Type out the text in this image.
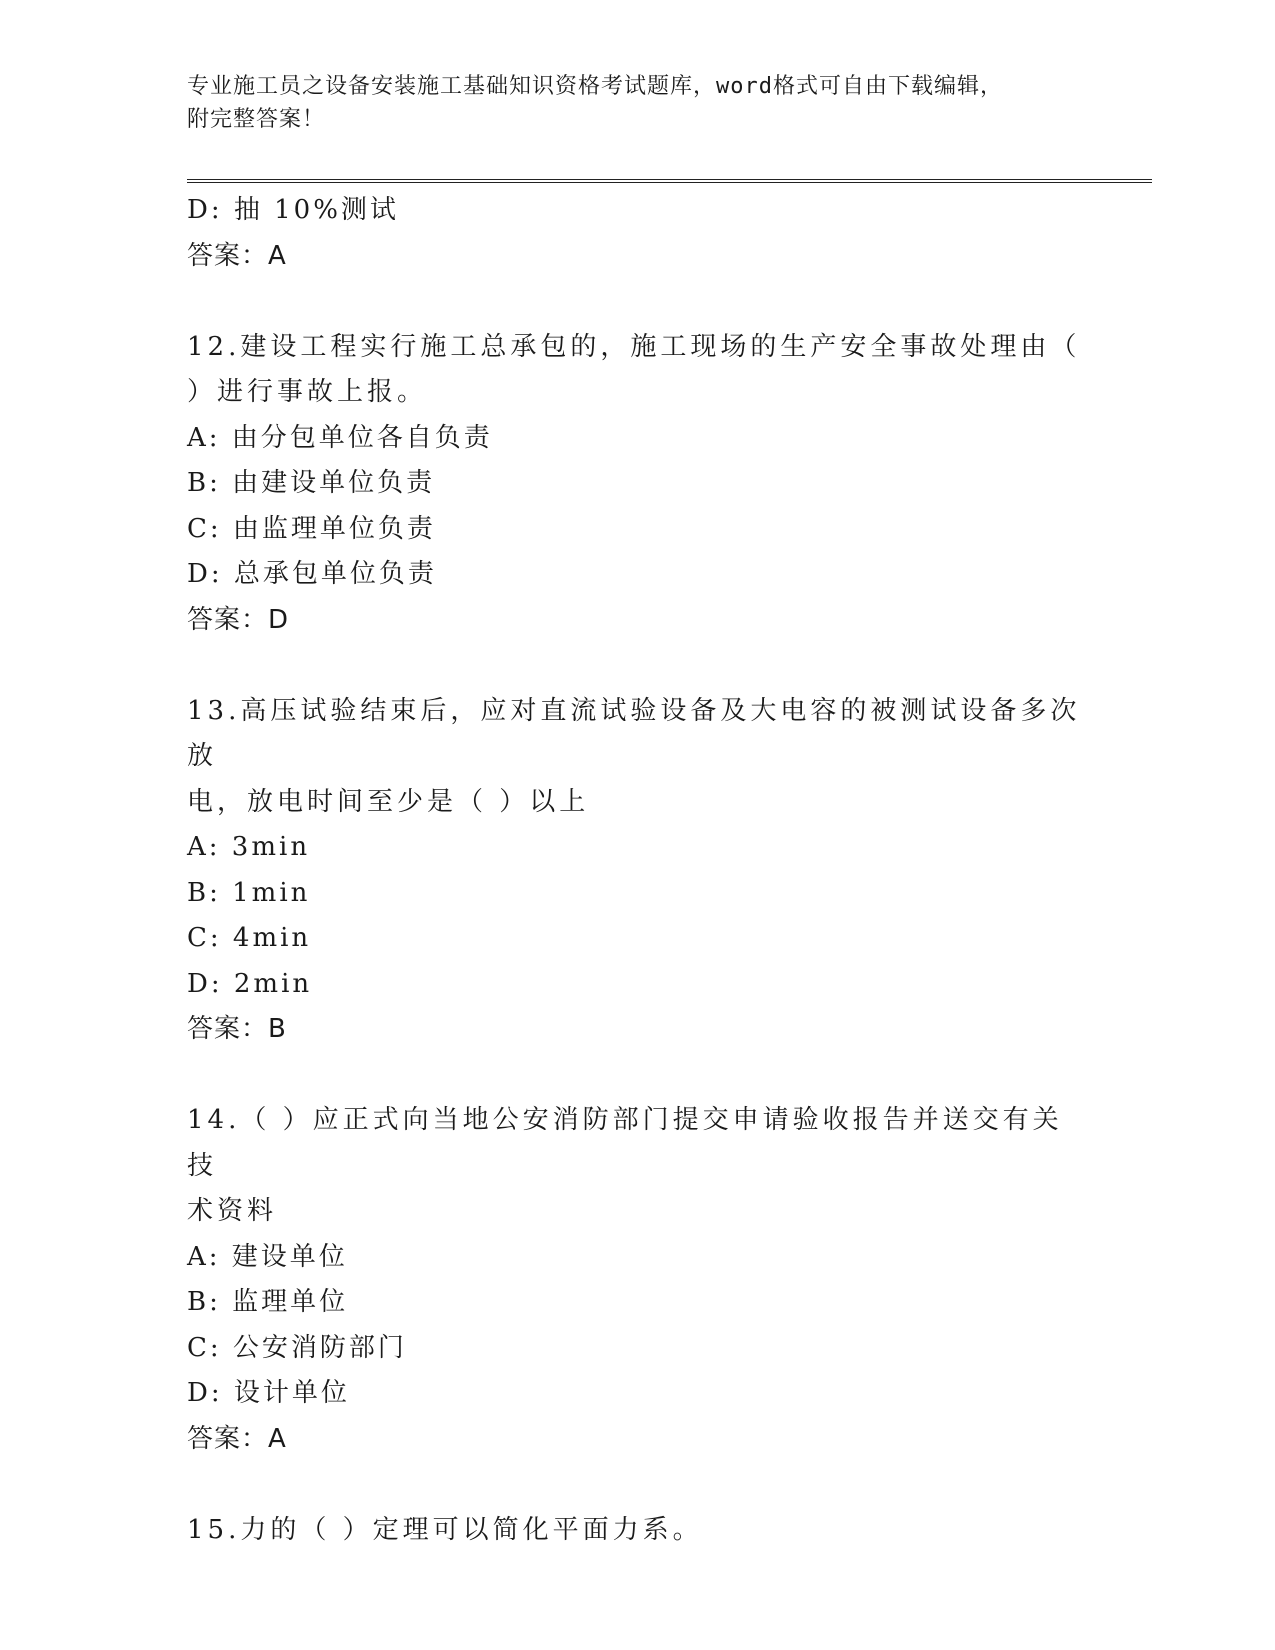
专业施工员之设备安装施工基础知识资格考试题库，word格式可自由下载编辑，
附完整答案！
D: 抽 10%测试
答案：A
12.建设工程实行施工总承包的，施工现场的生产安全事故处理由（
）进行事故上报。
A: 由分包单位各自负责
B: 由建设单位负责
C: 由监理单位负责
D: 总承包单位负责
答案：D
13.高压试验结束后，应对直流试验设备及大电容的被测试设备多次放
电，放电时间至少是（ ）以上
A: 3min
B: 1min
C: 4min
D: 2min
答案：B
14.（ ）应正式向当地公安消防部门提交申请验收报告并送交有关技
术资料
A: 建设单位
B: 监理单位
C: 公安消防部门
D: 设计单位
答案：A
15.力的（ ）定理可以简化平面力系。
